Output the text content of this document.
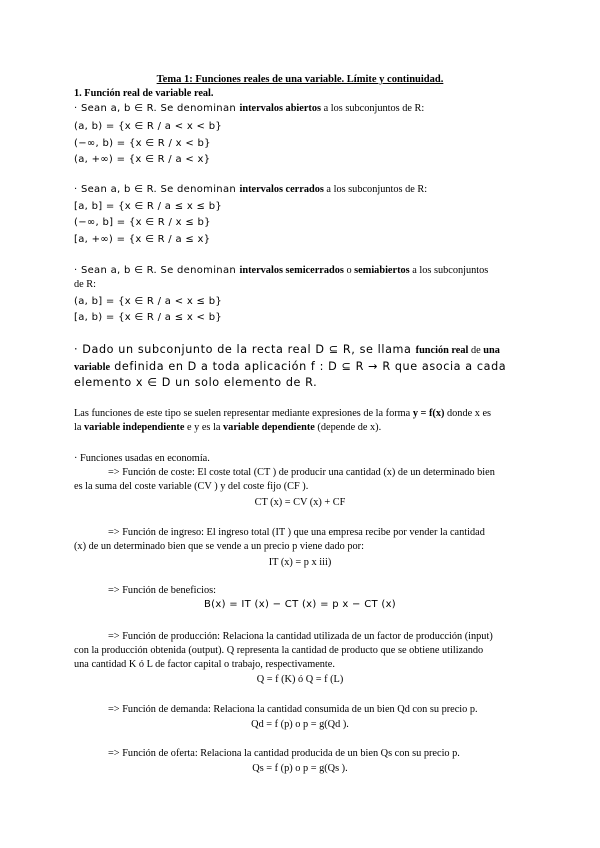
Tema 1: Funciones reales de una variable. Límite y continuidad.
1. Función real de variable real.
· Sean a, b ∈ R. Se denominan intervalos abiertos a los subconjuntos de R:
(a, b) = {x ∈ R / a < x < b}
(−∞, b) = {x ∈ R / x < b}
(a, +∞) = {x ∈ R / a < x}
· Sean a, b ∈ R. Se denominan intervalos cerrados a los subconjuntos de R:
[a, b] = {x ∈ R / a ≤ x ≤ b}
(−∞, b] = {x ∈ R / x ≤ b}
[a, +∞) = {x ∈ R / a ≤ x}
· Sean a, b ∈ R. Se denominan intervalos semicerrados o semiabiertos a los subconjuntos
de R:
(a, b] = {x ∈ R / a < x ≤ b}
[a, b) = {x ∈ R / a ≤ x < b}
· Dado un subconjunto de la recta real D ⊆ R, se llama función real de una
variable definida en D a toda aplicación f : D ⊆ R → R que asocia a cada
elemento x ∈ D un solo elemento de R.
Las funciones de este tipo se suelen representar mediante expresiones de la forma y = f(x) donde x es
la variable independiente e y es la variable dependiente (depende de x).
· Funciones usadas en economía.
=> Función de coste: El coste total (CT ) de producir una cantidad (x) de un determinado bien
es la suma del coste variable (CV ) y del coste fijo (CF ).
CT (x) = CV (x) + CF
=> Función de ingreso: El ingreso total (IT ) que una empresa recibe por vender la cantidad
(x) de un determinado bien que se vende a un precio p viene dado por:
IT (x) = p x iii)
=> Función de beneficios:
B(x) = IT (x) − CT (x) = p x − CT (x)
=> Función de producción: Relaciona la cantidad utilizada de un factor de producción (input)
con la producción obtenida (output). Q representa la cantidad de producto que se obtiene utilizando
una cantidad K ó L de factor capital o trabajo, respectivamente.
Q = f (K) ó Q = f (L)
=> Función de demanda: Relaciona la cantidad consumida de un bien Qd con su precio p.
Qd = f (p) o p = g(Qd ).
=> Función de oferta: Relaciona la cantidad producida de un bien Qs con su precio p.
Qs = f (p) o p = g(Qs ).
